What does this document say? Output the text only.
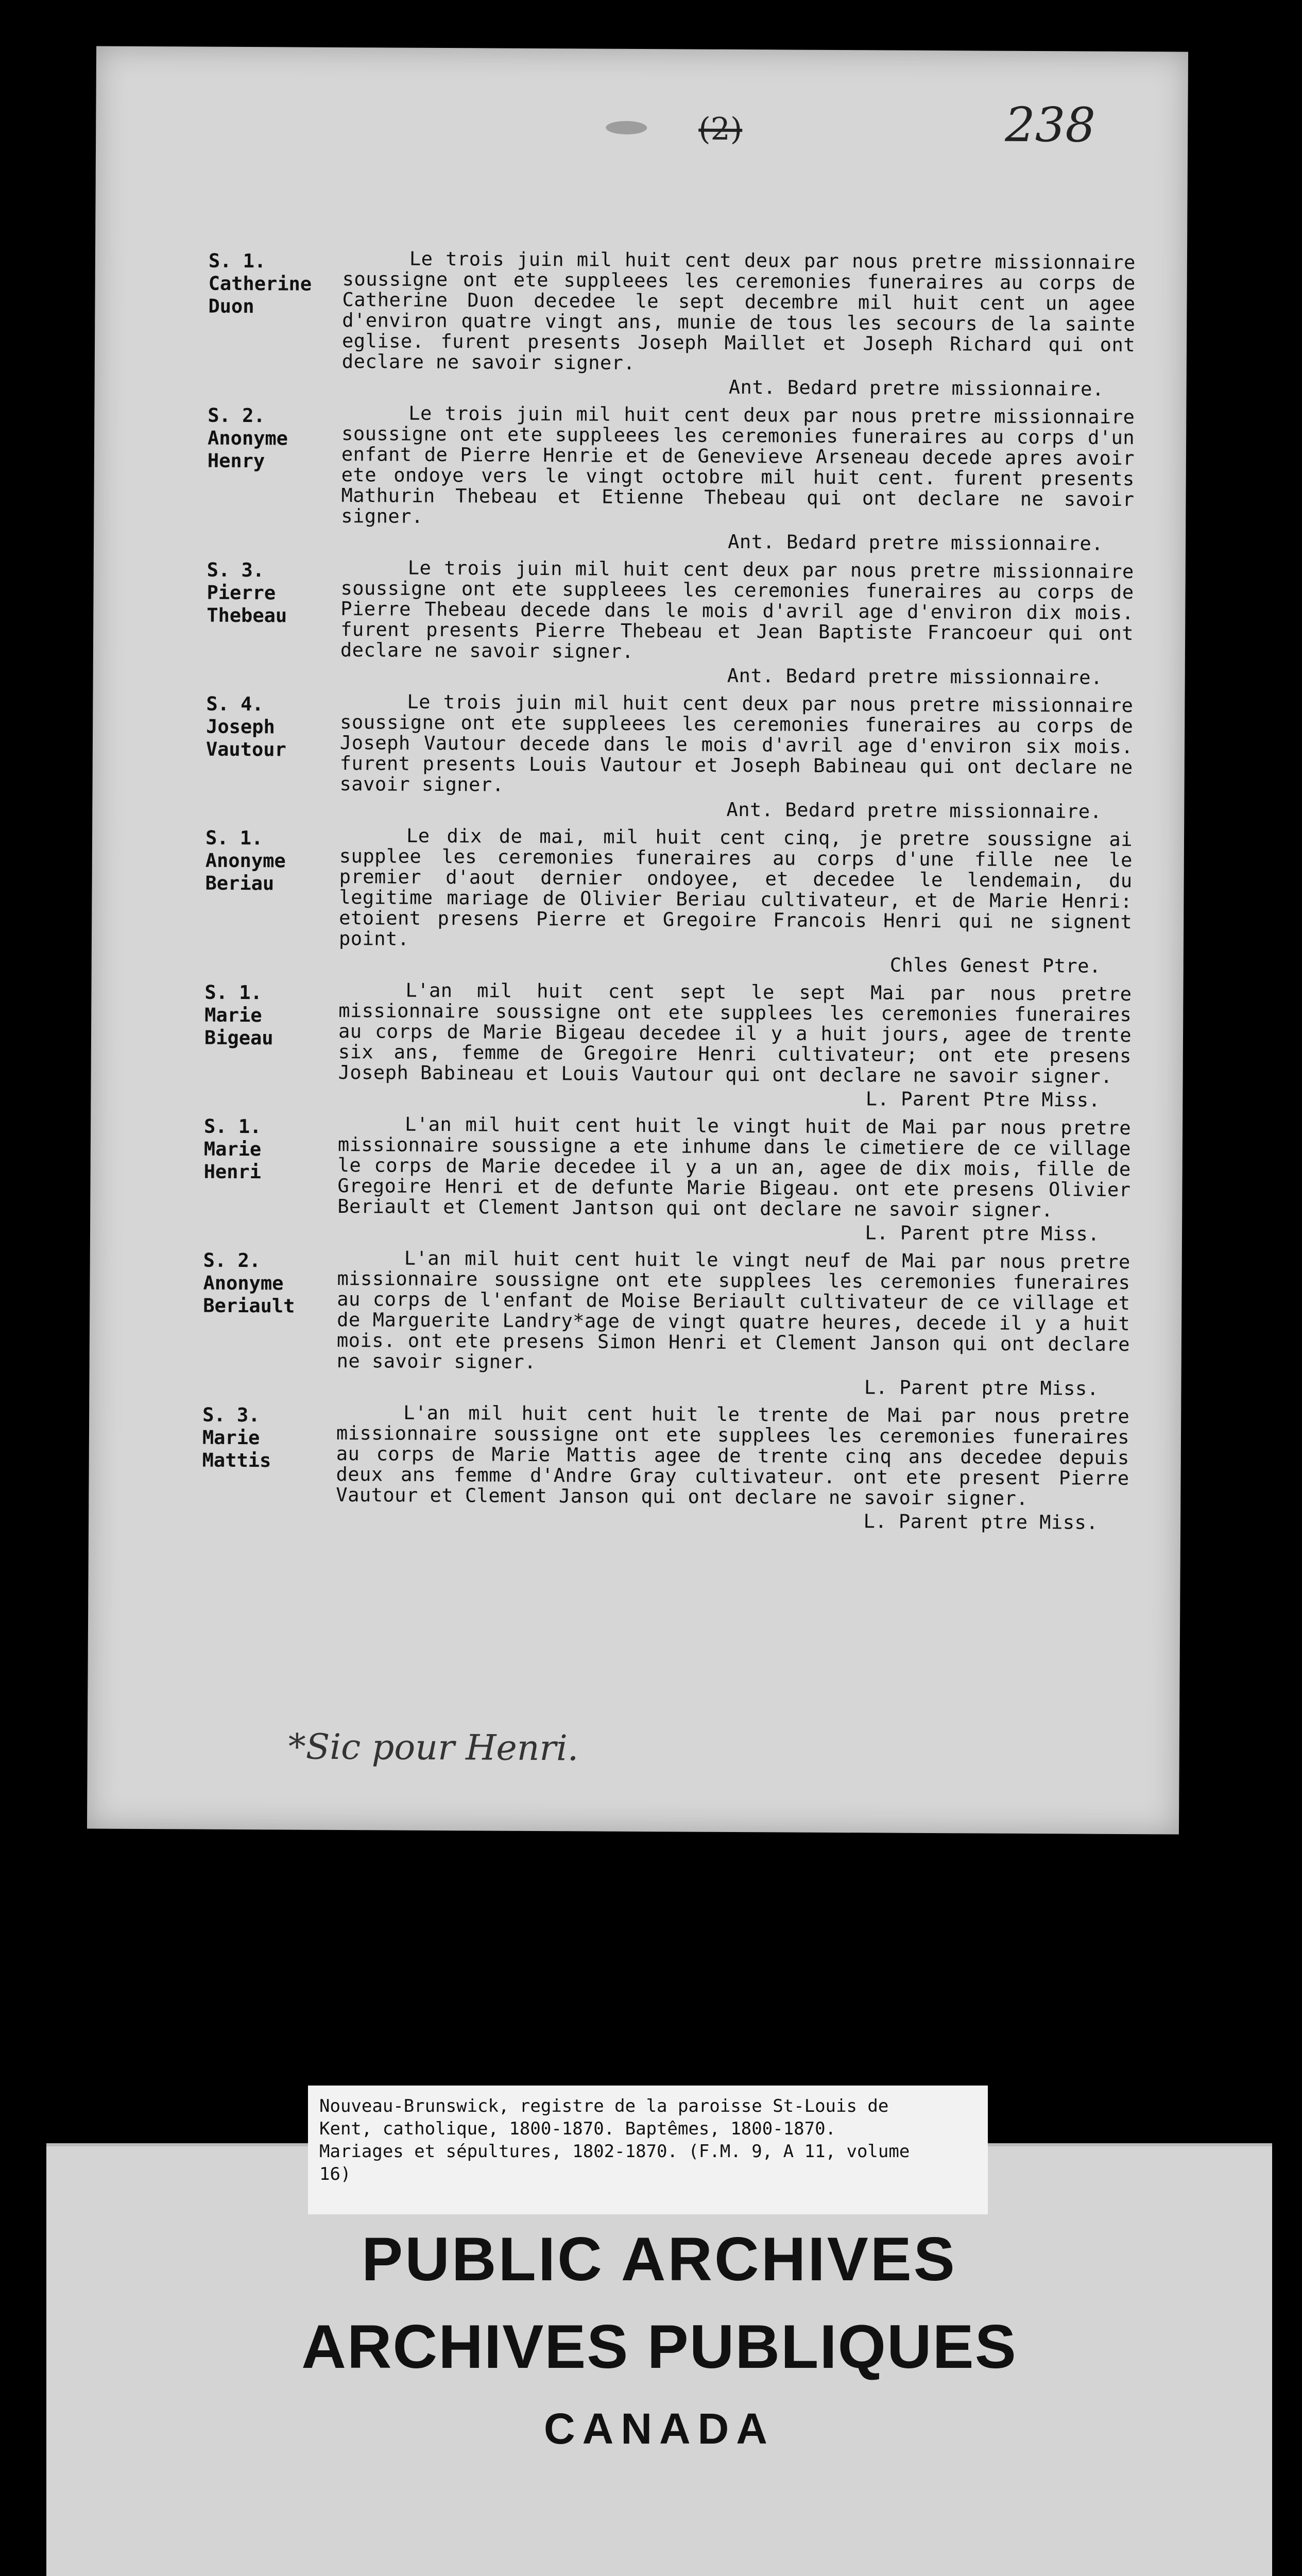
(2)	238
S. 1.
Catherine
Duon

Le trois juin mil huit cent deux par nous pretre missionnaire soussigne ont ete suppleees les ceremonies funeraires au corps de Catherine Duon decedee le sept decembre mil huit cent un agee d'environ quatre vingt ans, munie de tous les secours de la sainte eglise. furent presents Joseph Maillet et Joseph Richard qui ont declare ne savoir signer.

Ant. Bedard pretre missionnaire.
S. 2.
Anonyme
Henry

Le trois juin mil huit cent deux par nous pretre missionnaire soussigne ont ete suppleees les ceremonies funeraires au corps d'un enfant de Pierre Henrie et de Genevieve Arseneau decede apres avoir ete ondoye vers le vingt octobre mil huit cent. furent presents Mathurin Thebeau et Etienne Thebeau qui ont declare ne savoir signer.

Ant. Bedard pretre missionnaire.
S. 3.
Pierre
Thebeau

Le trois juin mil huit cent deux par nous pretre missionnaire soussigne ont ete suppleees les ceremonies funeraires au corps de Pierre Thebeau decede dans le mois d'avril age d'environ dix mois. furent presents Pierre Thebeau et Jean Baptiste Francoeur qui ont declare ne savoir signer.

Ant. Bedard pretre missionnaire.
S. 4.
Joseph
Vautour

Le trois juin mil huit cent deux par nous pretre missionnaire soussigne ont ete suppleees les ceremonies funeraires au corps de Joseph Vautour decede dans le mois d'avril age d'environ six mois. furent presents Louis Vautour et Joseph Babineau qui ont declare ne savoir signer.

Ant. Bedard pretre missionnaire.
S. 1.
Anonyme
Beriau

Le dix de mai, mil huit cent cinq, je pretre soussigne ai supplee les ceremonies funeraires au corps d'une fille nee le premier d'aout dernier ondoyee, et decedee le lendemain, du legitime mariage de Olivier Beriau cultivateur, et de Marie Henri: etoient presens Pierre et Gregoire Francois Henri qui ne signent point.

Chles Genest Ptre.
S. 1.
Marie
Bigeau

L'an mil huit cent sept le sept Mai par nous pretre missionnaire soussigne ont ete supplees les ceremonies funeraires au corps de Marie Bigeau decedee il y a huit jours, agee de trente six ans, femme de Gregoire Henri cultivateur; ont ete presens Joseph Babineau et Louis Vautour qui ont declare ne savoir signer.

L. Parent Ptre Miss.
S. 1.
Marie
Henri

L'an mil huit cent huit le vingt huit de Mai par nous pretre missionnaire soussigne a ete inhume dans le cimetiere de ce village le corps de Marie decedee il y a un an, agee de dix mois, fille de Gregoire Henri et de defunte Marie Bigeau. ont ete presens Olivier Beriault et Clement Jantson qui ont declare ne savoir signer.

L. Parent ptre Miss.
S. 2.
Anonyme
Beriault

L'an mil huit cent huit le vingt neuf de Mai par nous pretre missionnaire soussigne ont ete supplees les ceremonies funeraires au corps de l'enfant de Moise Beriault cultivateur de ce village et de Marguerite Landry*age de vingt quatre heures, decede il y a huit mois. ont ete presens Simon Henri et Clement Janson qui ont declare ne savoir signer.

L. Parent ptre Miss.
S. 3.
Marie
Mattis

L'an mil huit cent huit le trente de Mai par nous pretre missionnaire soussigne ont ete supplees les ceremonies funeraires au corps de Marie Mattis agee de trente cinq ans decedee depuis deux ans femme d'Andre Gray cultivateur. ont ete present Pierre Vautour et Clement Janson qui ont declare ne savoir signer.

L. Parent ptre Miss.
*Sic pour Henri.
PUBLIC ARCHIVES
ARCHIVES PUBLIQUES
CANADA
Nouveau-Brunswick, registre de la paroisse St-Louis de
Kent, catholique, 1800-1870. Baptêmes, 1800-1870.
Mariages et sépultures, 1802-1870. (F.M. 9, A 11, volume
16)
